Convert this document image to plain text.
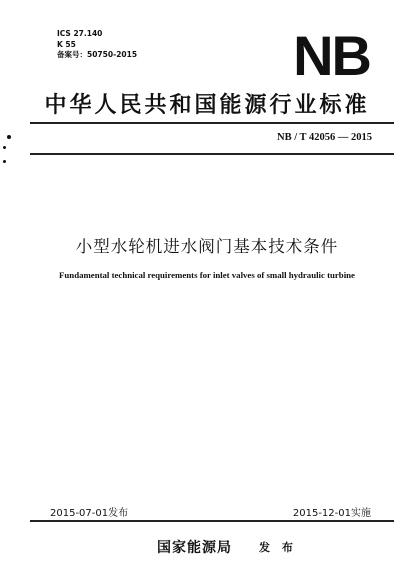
ICS 27.140
K 55
备案号：50750-2015	NB
中华人民共和国能源行业标准
NB / T 42056 — 2015
小型水轮机进水阀门基本技术条件
Fundamental technical requirements for inlet valves of small hydraulic turbine
2015-07-01发布	2015-12-01实施
国家能源局 发 布
